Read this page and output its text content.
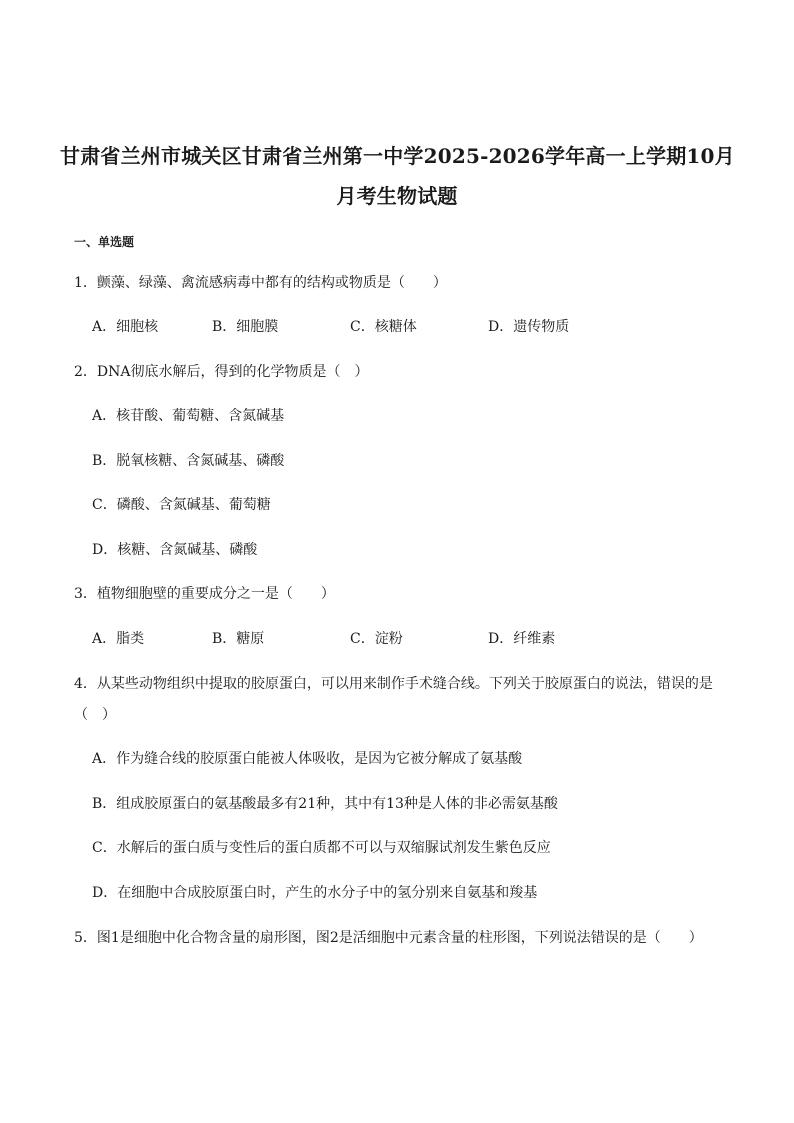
甘肃省兰州市城关区甘肃省兰州第一中学2025-2026学年高一上学期10月
月考生物试题
一、单选题
1．颤藻、绿藻、禽流感病毒中都有的结构或物质是（　　）
A．细胞核	B．细胞膜	C．核糖体	D．遗传物质
2．DNA彻底水解后，得到的化学物质是（　）
A．核苷酸、葡萄糖、含氮碱基
B．脱氧核糖、含氮碱基、磷酸
C．磷酸、含氮碱基、葡萄糖
D．核糖、含氮碱基、磷酸
3．植物细胞壁的重要成分之一是（　　）
A．脂类	B．糖原	C．淀粉	D．纤维素
4．从某些动物组织中提取的胶原蛋白，可以用来制作手术缝合线。下列关于胶原蛋白的说法，错误的是
（　）
A．作为缝合线的胶原蛋白能被人体吸收，是因为它被分解成了氨基酸
B．组成胶原蛋白的氨基酸最多有21种，其中有13种是人体的非必需氨基酸
C．水解后的蛋白质与变性后的蛋白质都不可以与双缩脲试剂发生紫色反应
D．在细胞中合成胶原蛋白时，产生的水分子中的氢分别来自氨基和羧基
5．图1是细胞中化合物含量的扇形图，图2是活细胞中元素含量的柱形图，下列说法错误的是（　　）
